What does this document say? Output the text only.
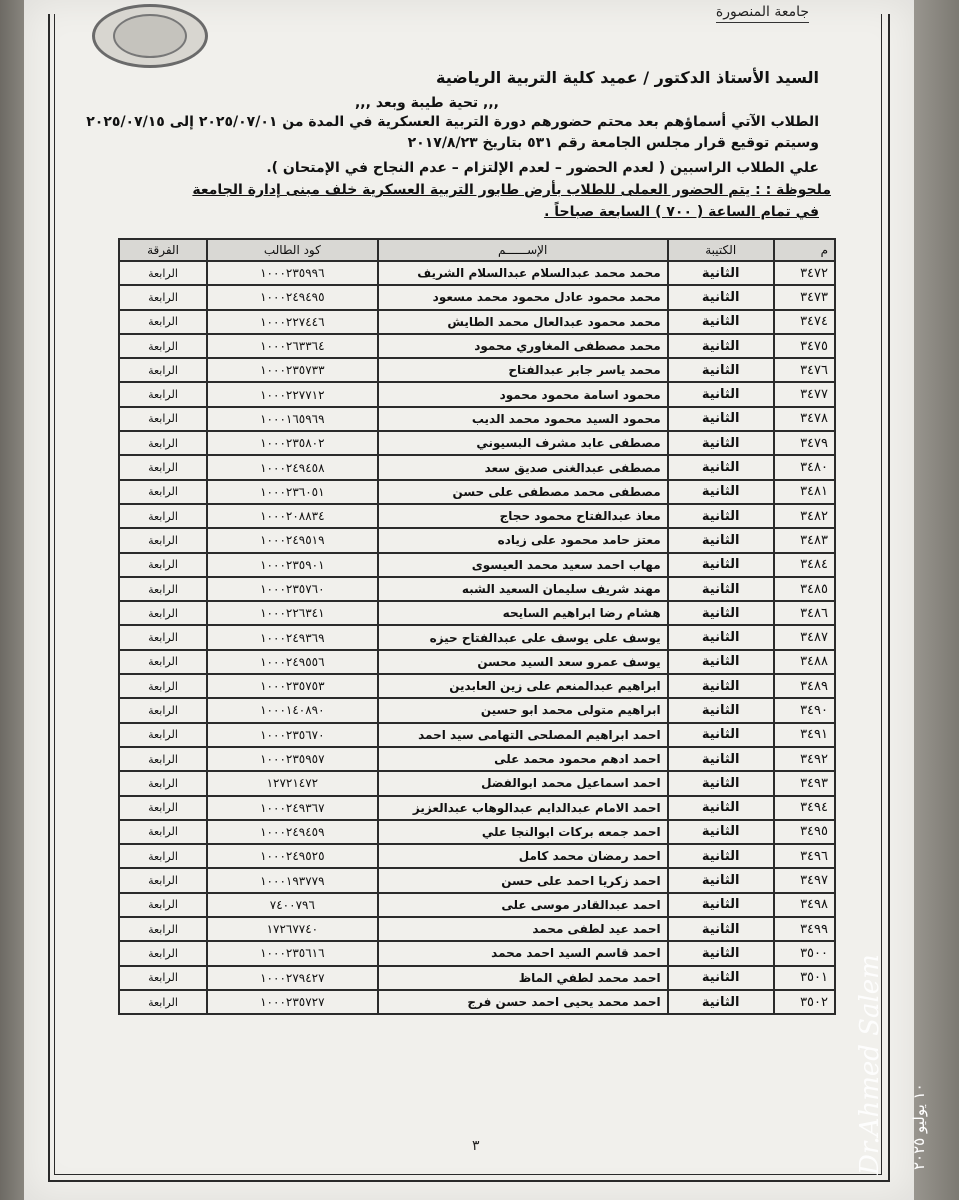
جامعة المنصورة
السيد الأستاذ الدكتور / عميد كلية التربية الرياضية
,,, تحية طيبة وبعد ,,,
الطلاب الآتي أسماؤهم بعد محتم حضورهم دورة التربية العسكرية في المدة من ٢٠٢٥/٠٧/٠١ إلى ٢٠٢٥/٠٧/١٥
وسيتم توقيع قرار مجلس الجامعة رقم ٥٣١ بتاريخ ٢٠١٧/٨/٢٣
علي الطلاب الراسبين ( لعدم الحضور – لعدم الإلتزام – عدم النجاح في الإمتحان ).
ملحوظة : : يتم الحضور العملى للطلاب بأرض طابور التربية العسكرية خلف مبنى إدارة الجامعة
في تمام الساعة ( ٧٠٠ ) السابعة صباحاً .
م	الكتيبة	الإســــــم	كود الطالب	الفرقة
٣٤٧٢	الثانية	محمد محمد عبدالسلام عبدالسلام الشريف	١٠٠٠٢٣٥٩٩٦	الرابعة
٣٤٧٣	الثانية	محمد محمود عادل محمود محمد مسعود	١٠٠٠٢٤٩٤٩٥	الرابعة
٣٤٧٤	الثانية	محمد محمود عبدالعال محمد الطايش	١٠٠٠٢٢٧٤٤٦	الرابعة
٣٤٧٥	الثانية	محمد مصطفى المغاوري محمود	١٠٠٠٢٦٣٣٦٤	الرابعة
٣٤٧٦	الثانية	محمد ياسر جابر عبدالفتاح	١٠٠٠٢٣٥٧٣٣	الرابعة
٣٤٧٧	الثانية	محمود اسامة محمود محمود	١٠٠٠٢٢٧٧١٢	الرابعة
٣٤٧٨	الثانية	محمود السيد محمود محمد الديب	١٠٠٠١٦٥٩٦٩	الرابعة
٣٤٧٩	الثانية	مصطفى عابد مشرف البسيوني	١٠٠٠٢٣٥٨٠٢	الرابعة
٣٤٨٠	الثانية	مصطفى عبدالغنى صديق سعد	١٠٠٠٢٤٩٤٥٨	الرابعة
٣٤٨١	الثانية	مصطفى محمد مصطفى على حسن	١٠٠٠٢٣٦٠٥١	الرابعة
٣٤٨٢	الثانية	معاذ عبدالفتاح محمود حجاج	١٠٠٠٢٠٨٨٣٤	الرابعة
٣٤٨٣	الثانية	معتز حامد محمود على زياده	١٠٠٠٢٤٩٥١٩	الرابعة
٣٤٨٤	الثانية	مهاب احمد سعيد محمد العيسوى	١٠٠٠٢٣٥٩٠١	الرابعة
٣٤٨٥	الثانية	مهند شريف سليمان السعيد الشبه	١٠٠٠٢٣٥٧٦٠	الرابعة
٣٤٨٦	الثانية	هشام رضا ابراهيم السايحه	١٠٠٠٢٢٦٣٤١	الرابعة
٣٤٨٧	الثانية	يوسف على يوسف على عبدالفتاح حيزه	١٠٠٠٢٤٩٣٦٩	الرابعة
٣٤٨٨	الثانية	يوسف عمرو سعد السيد محسن	١٠٠٠٢٤٩٥٥٦	الرابعة
٣٤٨٩	الثانية	ابراهيم عبدالمنعم على زين العابدين	١٠٠٠٢٣٥٧٥٣	الرابعة
٣٤٩٠	الثانية	ابراهيم متولى محمد ابو حسين	١٠٠٠١٤٠٨٩٠	الرابعة
٣٤٩١	الثانية	احمد ابراهيم المصلحى التهامى سيد احمد	١٠٠٠٢٣٥٦٧٠	الرابعة
٣٤٩٢	الثانية	احمد ادهم محمود محمد على	١٠٠٠٢٣٥٩٥٧	الرابعة
٣٤٩٣	الثانية	احمد اسماعيل محمد ابوالفضل	١٢٧٢١٤٧٢	الرابعة
٣٤٩٤	الثانية	احمد الامام عبدالدايم عبدالوهاب عبدالعزيز	١٠٠٠٢٤٩٣٦٧	الرابعة
٣٤٩٥	الثانية	احمد جمعه بركات ابوالنجا علي	١٠٠٠٢٤٩٤٥٩	الرابعة
٣٤٩٦	الثانية	احمد رمضان محمد كامل	١٠٠٠٢٤٩٥٢٥	الرابعة
٣٤٩٧	الثانية	احمد زكريا احمد على حسن	١٠٠٠١٩٣٧٧٩	الرابعة
٣٤٩٨	الثانية	احمد عبدالقادر موسى على	٧٤٠٠٧٩٦	الرابعة
٣٤٩٩	الثانية	احمد عيد لطفى محمد	١٧٢٦٧٧٤٠	الرابعة
٣٥٠٠	الثانية	احمد قاسم السيد احمد محمد	١٠٠٠٢٣٥٦١٦	الرابعة
٣٥٠١	الثانية	احمد محمد لطفي الماظ	١٠٠٠٢٧٩٤٢٧	الرابعة
٣٥٠٢	الثانية	احمد محمد يحيى احمد حسن فرج	١٠٠٠٢٣٥٧٢٧	الرابعة
٣	Dr.Ahmed Salem ١٠ يوليو ٢٠٢٥
